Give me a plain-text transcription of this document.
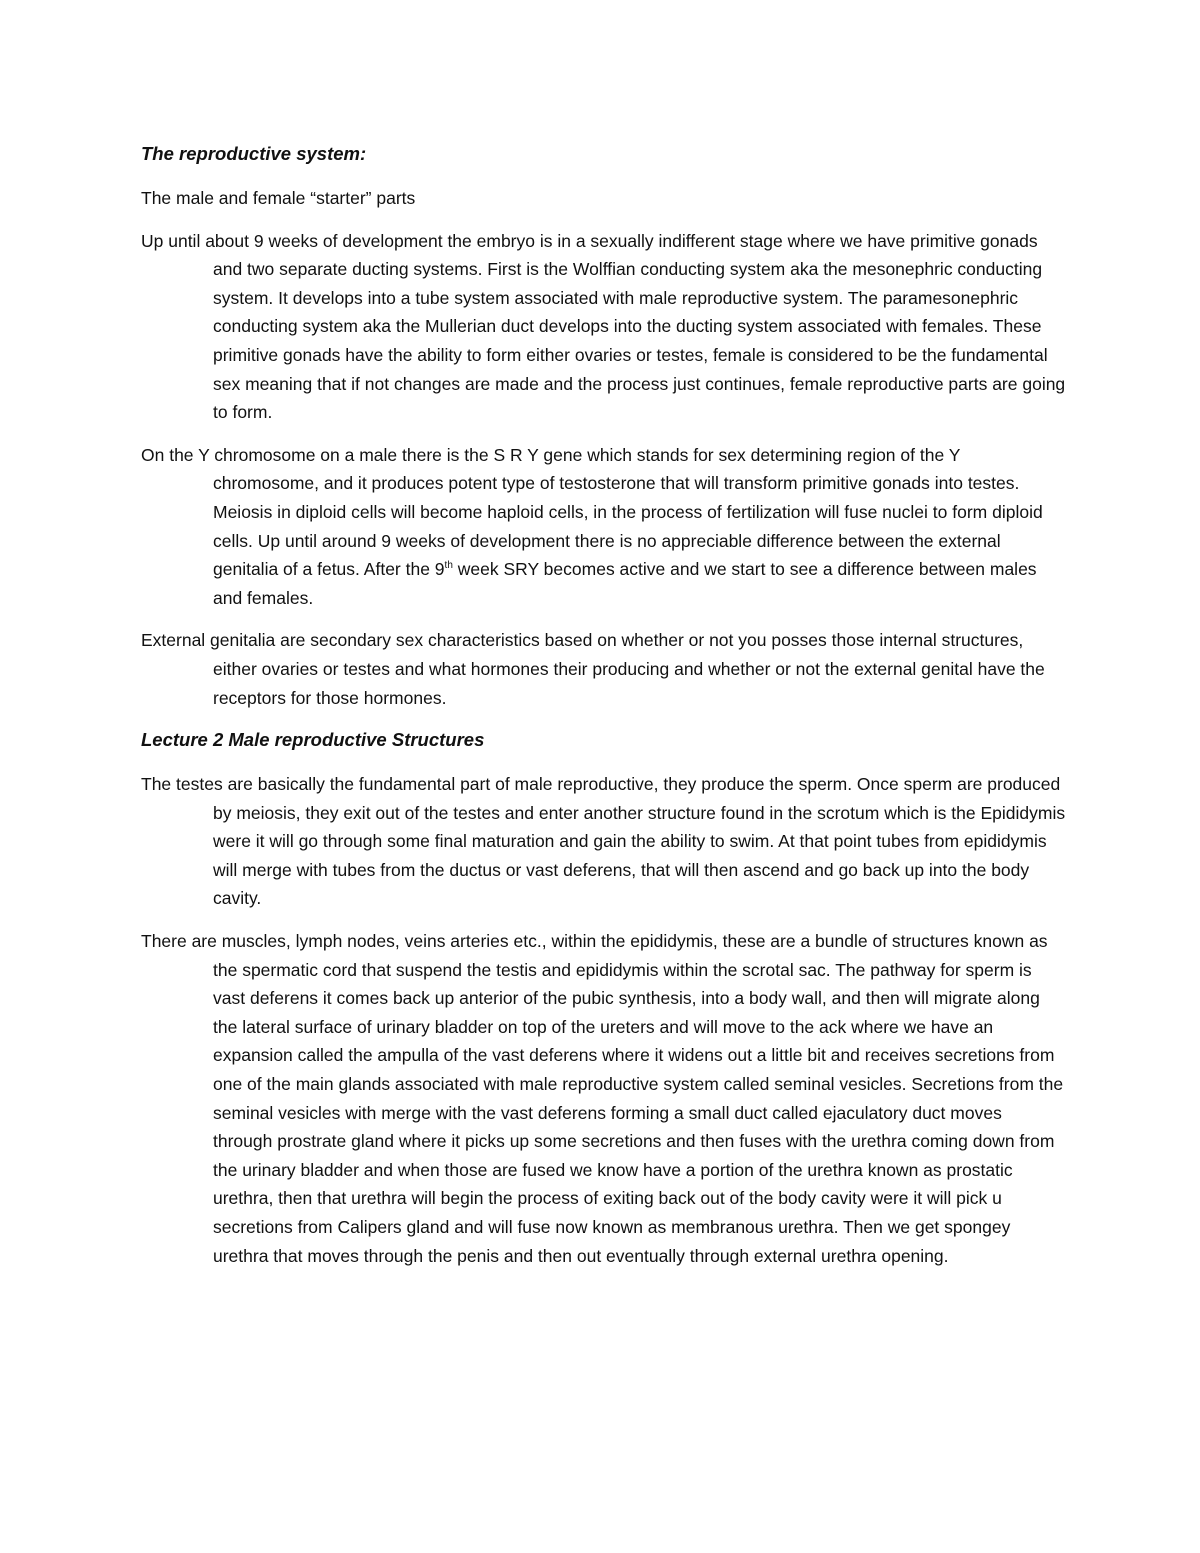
The reproductive system:

The male and female “starter” parts

Up until about 9 weeks of development the embryo is in a sexually indifferent stage where we have primitive gonads and two separate ducting systems. First is the Wolffian conducting system aka the mesonephric conducting system. It develops into a tube system associated with male reproductive system. The paramesonephric conducting system aka the Mullerian duct develops into the ducting system associated with females. These primitive gonads have the ability to form either ovaries or testes, female is considered to be the fundamental sex meaning that if not changes are made and the process just continues, female reproductive parts are going to form.

On the Y chromosome on a male there is the S R Y gene which stands for sex determining region of the Y chromosome, and it produces potent type of testosterone that will transform primitive gonads into testes. Meiosis in diploid cells will become haploid cells, in the process of fertilization will fuse nuclei to form diploid cells. Up until around 9 weeks of development there is no appreciable difference between the external genitalia of a fetus. After the 9th week SRY becomes active and we start to see a difference between males and females.

External genitalia are secondary sex characteristics based on whether or not you posses those internal structures, either ovaries or testes and what hormones their producing and whether or not the external genital have the receptors for those hormones.

Lecture 2 Male reproductive Structures

The testes are basically the fundamental part of male reproductive, they produce the sperm. Once sperm are produced by meiosis, they exit out of the testes and enter another structure found in the scrotum which is the Epididymis were it will go through some final maturation and gain the ability to swim. At that point tubes from epididymis will merge with tubes from the ductus or vast deferens, that will then ascend and go back up into the body cavity.

There are muscles, lymph nodes, veins arteries etc., within the epididymis, these are a bundle of structures known as the spermatic cord that suspend the testis and epididymis within the scrotal sac. The pathway for sperm is vast deferens it comes back up anterior of the pubic synthesis, into a body wall, and then will migrate along the lateral surface of urinary bladder on top of the ureters and will move to the ack where we have an expansion called the ampulla of the vast deferens where it widens out a little bit and receives secretions from one of the main glands associated with male reproductive system called seminal vesicles. Secretions from the seminal vesicles with merge with the vast deferens forming a small duct called ejaculatory duct moves through prostrate gland where it picks up some secretions and then fuses with the urethra coming down from the urinary bladder and when those are fused we know have a portion of the urethra known as prostatic urethra, then that urethra will begin the process of exiting back out of the body cavity were it will pick u secretions from Calipers gland and will fuse now known as membranous urethra. Then we get spongey urethra that moves through the penis and then out eventually through external urethra opening.
